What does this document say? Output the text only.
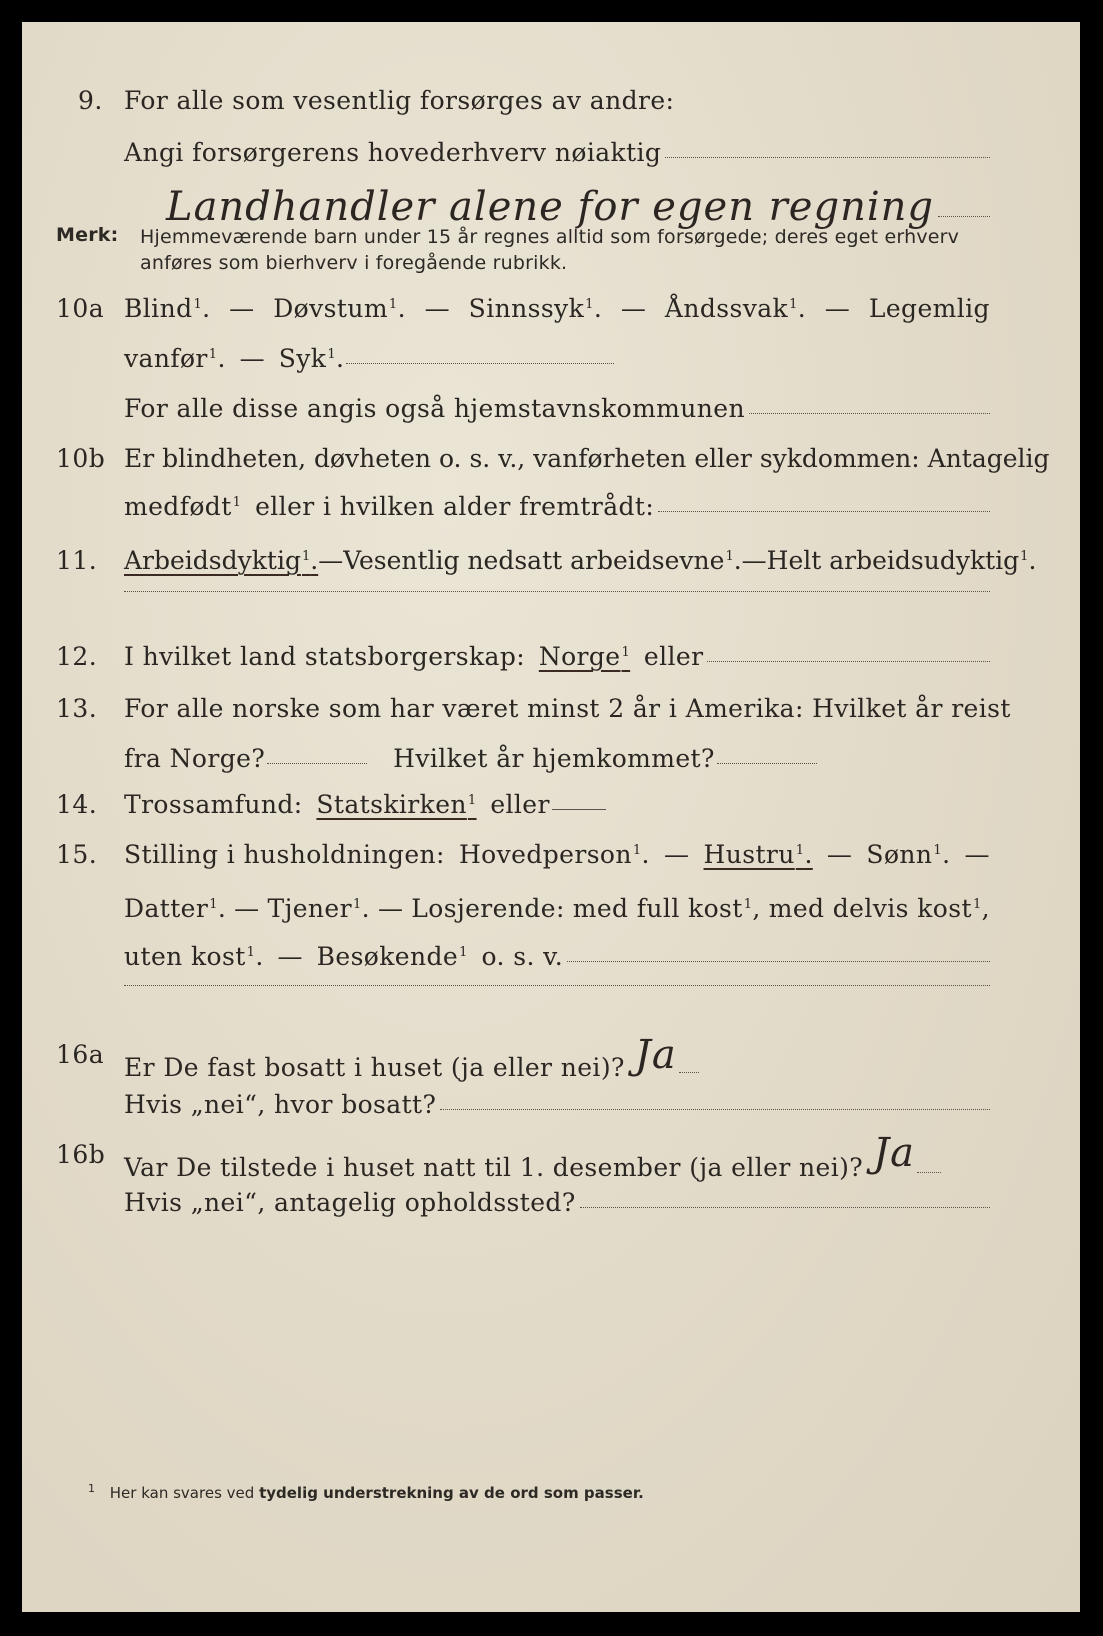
9. For alle som vesentlig forsørges av andre:
Angi forsørgerens hovederhverv nøiaktig
Landhandler alene for egen regning
Merk: Hjemmeværende barn under 15 år regnes alltid som forsørgede; deres eget erhverv
anføres som bierhverv i foregående rubrikk.
10a Blind$^1$. — Døvstum$^1$. — Sinnssyk$^1$. — Åndssvak$^1$. — Legemlig
vanfør$^1$. — Syk$^1$.
For alle disse angis også hjemstavnskommunen
10b Er blindheten, døvheten o. s. v., vanførheten eller sykdommen: Antagelig
medfødt$^1$ eller i hvilken alder fremtrådt:
11. Arbeidsdyktig$^1$. — Vesentlig nedsatt arbeidsevne$^1$. — Helt arbeidsudyktig$^1$.
12. I hvilket land statsborgerskap: Norge$^1$ eller
13. For alle norske som har været minst 2 år i Amerika: Hvilket år reist
fra Norge?	Hvilket år hjemkommet?
14. Trossamfund: Statskirken$^1$ eller
15. Stilling i husholdningen: Hovedperson$^1$. — Hustru$^1$. — Sønn$^1$. —
Datter$^1$. — Tjener$^1$. — Losjerende: med full kost$^1$, med delvis kost$^1$,
uten kost$^1$. — Besøkende$^1$ o. s. v.
16a Er De fast bosatt i huset (ja eller nei)? Ja
Hvis „nei“, hvor bosatt?
16b Var De tilstede i huset natt til 1. desember (ja eller nei)? Ja
Hvis „nei“, antagelig opholdssted?
$^1$ Her kan svares ved tydelig understrekning av de ord som passer.
